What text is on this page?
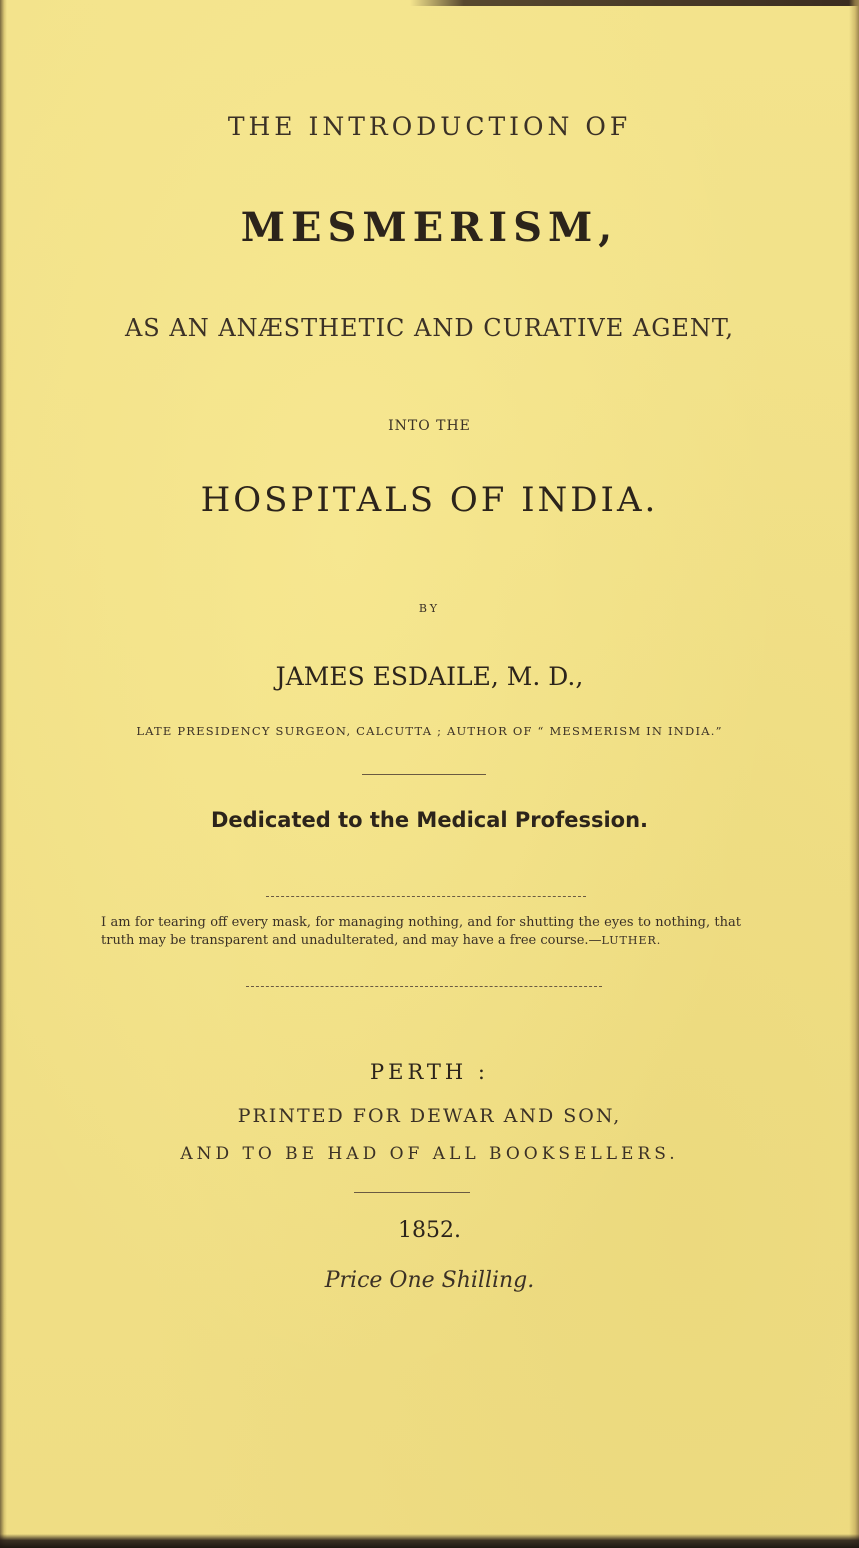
THE INTRODUCTION OF

MESMERISM,

AS AN ANÆSTHETIC AND CURATIVE AGENT,

INTO THE

HOSPITALS OF INDIA.

BY

JAMES ESDAILE, M. D.,

LATE PRESIDENCY SURGEON, CALCUTTA ; AUTHOR OF “ MESMERISM IN INDIA.”

Dedicated to the Medical Profession.

I am for tearing off every mask, for managing nothing, and for shutting the eyes to nothing, that truth may be transparent and unadulterated, and may have a free course.—LUTHER.

PERTH :

PRINTED FOR DEWAR AND SON,

AND TO BE HAD OF ALL BOOKSELLERS.

1852.

Price One Shilling.
